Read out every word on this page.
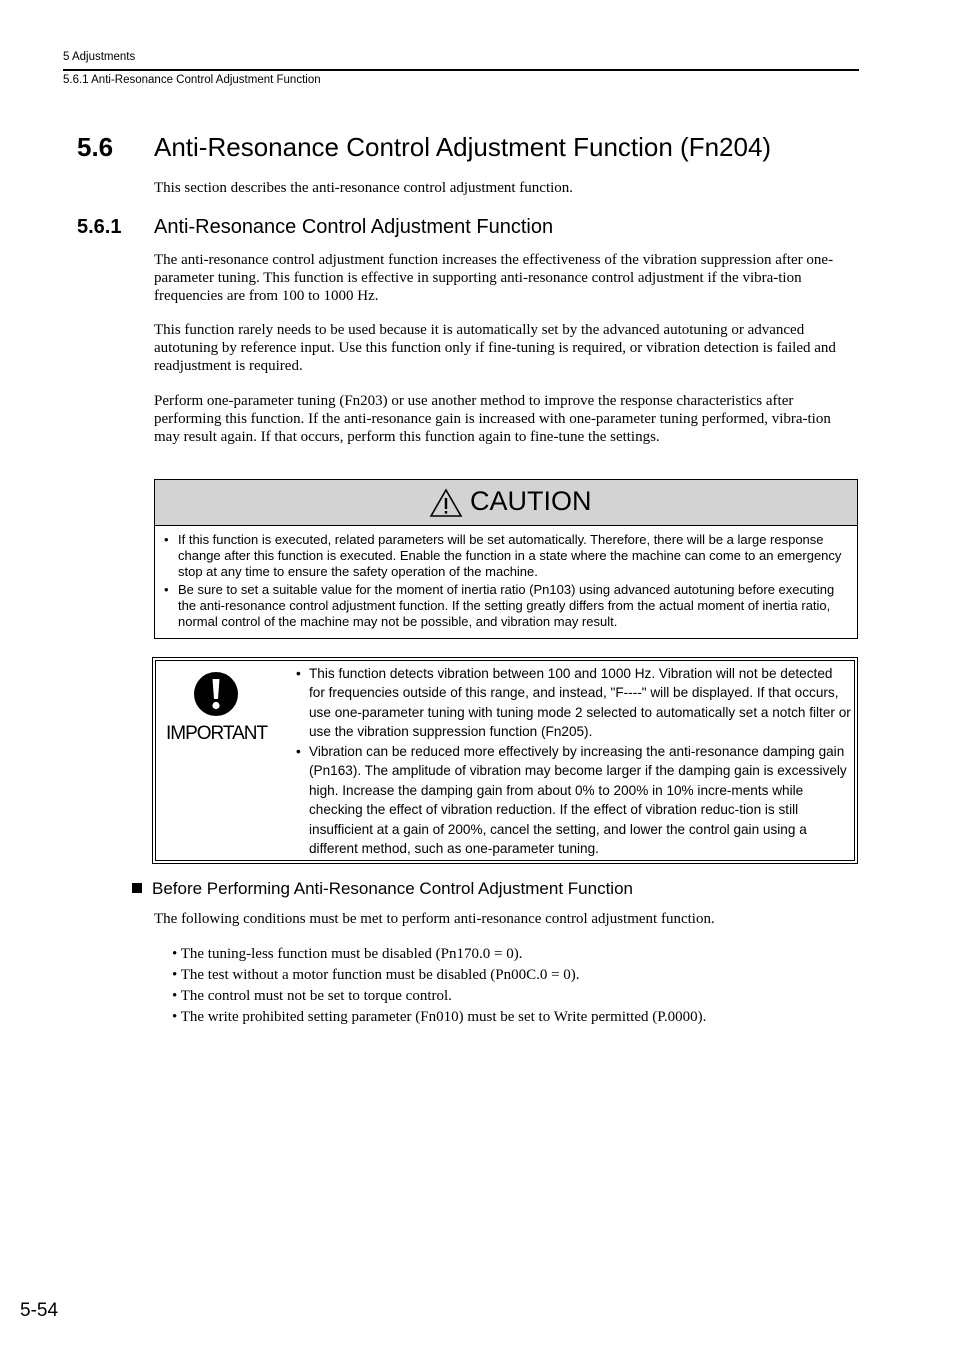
5 Adjustments
5.6.1 Anti-Resonance Control Adjustment Function
5.6 Anti-Resonance Control Adjustment Function (Fn204)

This section describes the anti-resonance control adjustment function.

5.6.1 Anti-Resonance Control Adjustment Function

The anti-resonance control adjustment function increases the effectiveness of the vibration suppression after one-parameter tuning. This function is effective in supporting anti-resonance control adjustment if the vibra-tion frequencies are from 100 to 1000 Hz.

This function rarely needs to be used because it is automatically set by the advanced autotuning or advanced autotuning by reference input. Use this function only if fine-tuning is required, or vibration detection is failed and readjustment is required.

Perform one-parameter tuning (Fn203) or use another method to improve the response characteristics after performing this function. If the anti-resonance gain is increased with one-parameter tuning performed, vibra-tion may result again. If that occurs, perform this function again to fine-tune the settings.

CAUTION
• If this function is executed, related parameters will be set automatically. Therefore, there will be a large response change after this function is executed. Enable the function in a state where the machine can come to an emergency stop at any time to ensure the safety operation of the machine.
• Be sure to set a suitable value for the moment of inertia ratio (Pn103) using advanced autotuning before executing the anti-resonance control adjustment function. If the setting greatly differs from the actual moment of inertia ratio, normal control of the machine may not be possible, and vibration may result.
IMPORTANT
• This function detects vibration between 100 and 1000 Hz. Vibration will not be detected for frequencies outside of this range, and instead, "F----" will be displayed. If that occurs, use one-parameter tuning with tuning mode 2 selected to automatically set a notch filter or use the vibration suppression function (Fn205).
• Vibration can be reduced more effectively by increasing the anti-resonance damping gain (Pn163). The amplitude of vibration may become larger if the damping gain is excessively high. Increase the damping gain from about 0% to 200% in 10% incre-ments while checking the effect of vibration reduction. If the effect of vibration reduc-tion is still insufficient at a gain of 200%, cancel the setting, and lower the control gain using a different method, such as one-parameter tuning.
Before Performing Anti-Resonance Control Adjustment Function

The following conditions must be met to perform anti-resonance control adjustment function.

• The tuning-less function must be disabled (Pn170.0 = 0).
• The test without a motor function must be disabled (Pn00C.0 = 0).
• The control must not be set to torque control.
• The write prohibited setting parameter (Fn010) must be set to Write permitted (P.0000).
5-54
